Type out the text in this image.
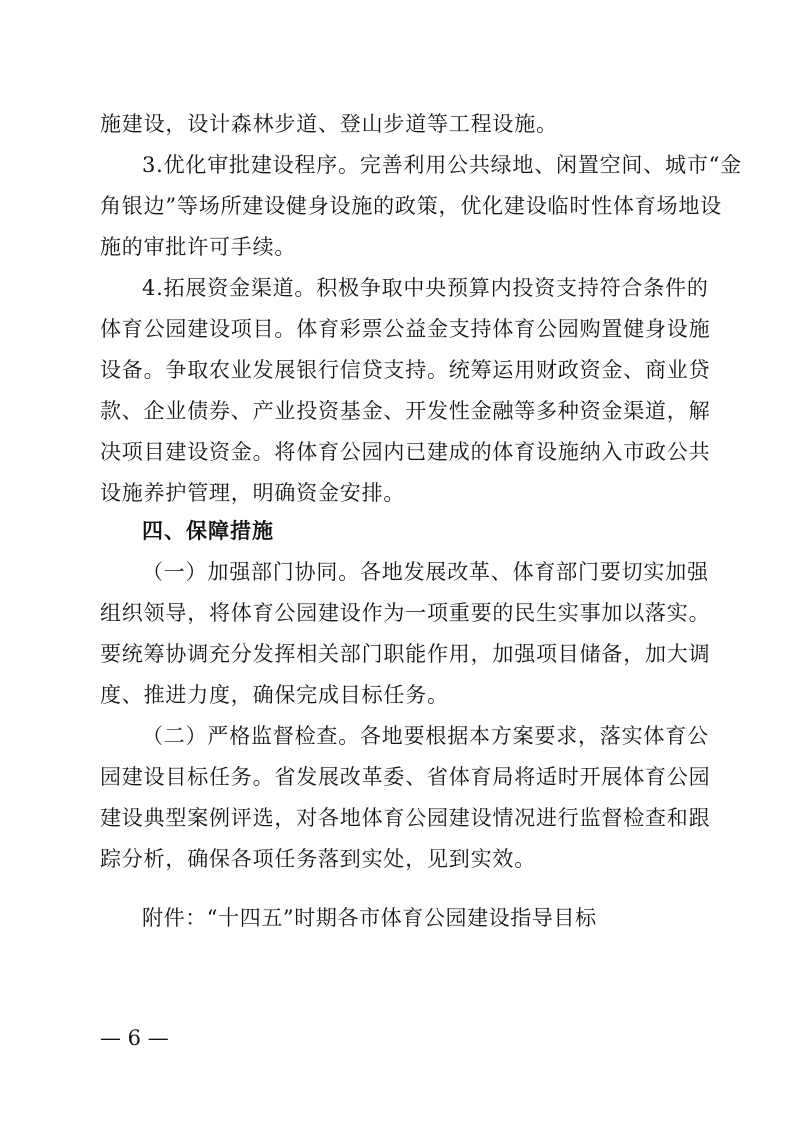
施建设，设计森林步道、登山步道等工程设施。
3.优化审批建设程序。完善利用公共绿地、闲置空间、城市“金
角银边”等场所建设健身设施的政策，优化建设临时性体育场地设
施的审批许可手续。
4.拓展资金渠道。积极争取中央预算内投资支持符合条件的
体育公园建设项目。体育彩票公益金支持体育公园购置健身设施
设备。争取农业发展银行信贷支持。统筹运用财政资金、商业贷
款、企业债券、产业投资基金、开发性金融等多种资金渠道，解
决项目建设资金。将体育公园内已建成的体育设施纳入市政公共
设施养护管理，明确资金安排。
四、保障措施
（一）加强部门协同。各地发展改革、体育部门要切实加强
组织领导，将体育公园建设作为一项重要的民生实事加以落实。
要统筹协调充分发挥相关部门职能作用，加强项目储备，加大调
度、推进力度，确保完成目标任务。
（二）严格监督检查。各地要根据本方案要求，落实体育公
园建设目标任务。省发展改革委、省体育局将适时开展体育公园
建设典型案例评选，对各地体育公园建设情况进行监督检查和跟
踪分析，确保各项任务落到实处，见到实效。
附件：“十四五”时期各市体育公园建设指导目标
— 6 —
